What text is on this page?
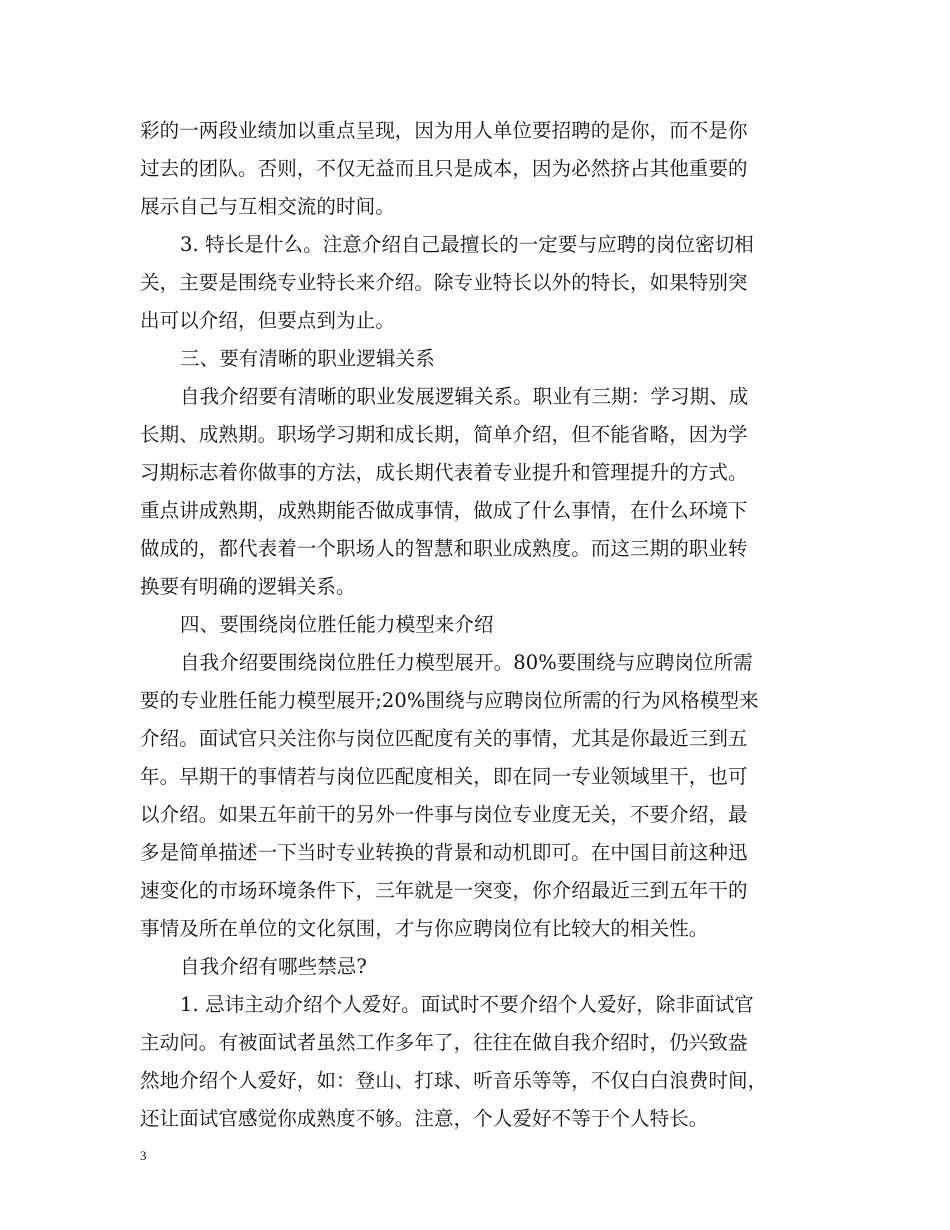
彩的一两段业绩加以重点呈现，因为用人单位要招聘的是你，而不是你
过去的团队。否则，不仅无益而且只是成本，因为必然挤占其他重要的
展示自己与互相交流的时间。
3. 特长是什么。注意介绍自己最擅长的一定要与应聘的岗位密切相
关，主要是围绕专业特长来介绍。除专业特长以外的特长，如果特别突
出可以介绍，但要点到为止。
三、要有清晰的职业逻辑关系
自我介绍要有清晰的职业发展逻辑关系。职业有三期：学习期、成
长期、成熟期。职场学习期和成长期，简单介绍，但不能省略，因为学
习期标志着你做事的方法，成长期代表着专业提升和管理提升的方式。
重点讲成熟期，成熟期能否做成事情，做成了什么事情，在什么环境下
做成的，都代表着一个职场人的智慧和职业成熟度。而这三期的职业转
换要有明确的逻辑关系。
四、要围绕岗位胜任能力模型来介绍
自我介绍要围绕岗位胜任力模型展开。80%要围绕与应聘岗位所需
要的专业胜任能力模型展开;20%围绕与应聘岗位所需的行为风格模型来
介绍。面试官只关注你与岗位匹配度有关的事情，尤其是你最近三到五
年。早期干的事情若与岗位匹配度相关，即在同一专业领域里干，也可
以介绍。如果五年前干的另外一件事与岗位专业度无关，不要介绍，最
多是简单描述一下当时专业转换的背景和动机即可。在中国目前这种迅
速变化的市场环境条件下，三年就是一突变，你介绍最近三到五年干的
事情及所在单位的文化氛围，才与你应聘岗位有比较大的相关性。
自我介绍有哪些禁忌?
1. 忌讳主动介绍个人爱好。面试时不要介绍个人爱好，除非面试官
主动问。有被面试者虽然工作多年了，往往在做自我介绍时，仍兴致盎
然地介绍个人爱好，如：登山、打球、听音乐等等，不仅白白浪费时间，
还让面试官感觉你成熟度不够。注意，个人爱好不等于个人特长。
3
